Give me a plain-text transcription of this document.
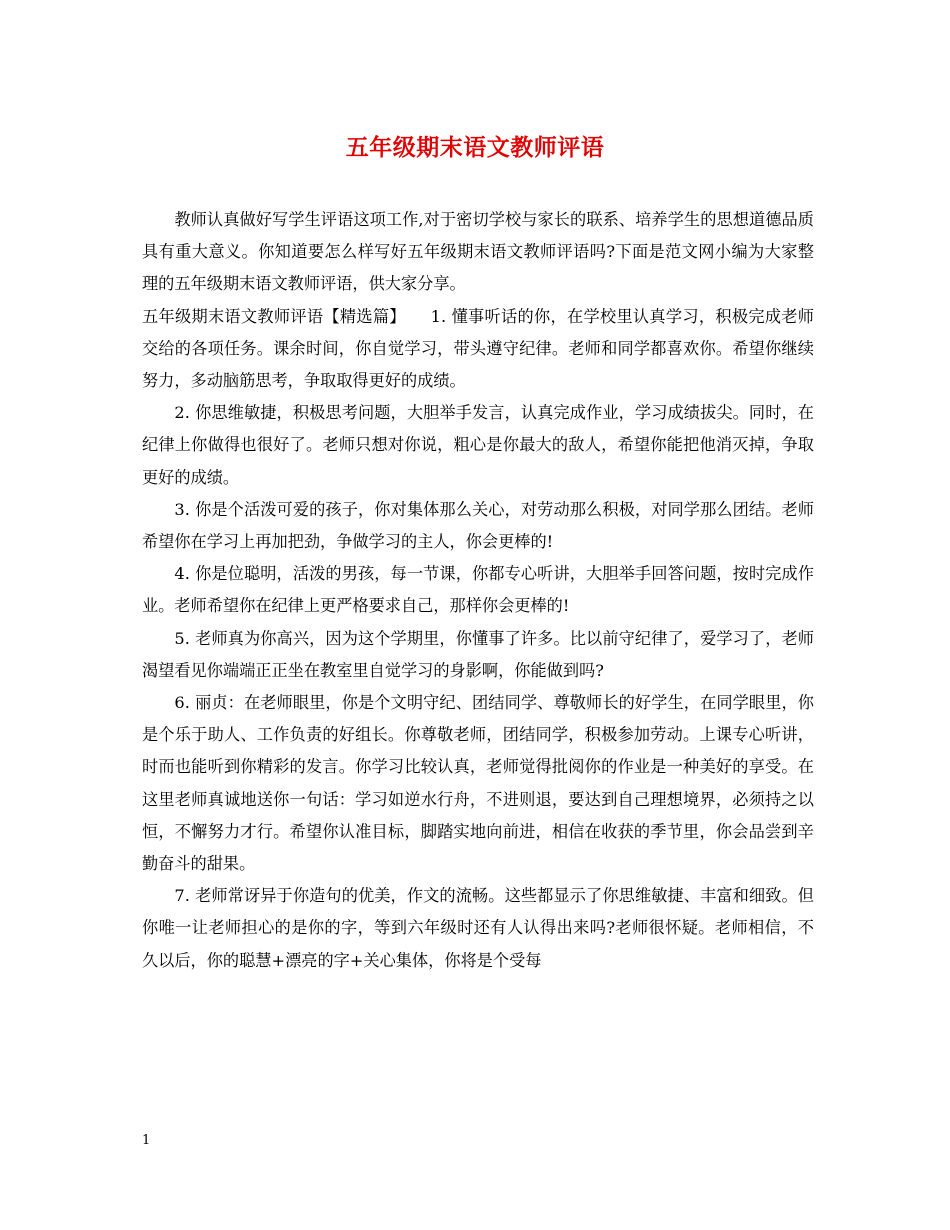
五年级期末语文教师评语

教师认真做好写学生评语这项工作,对于密切学校与家长的联系、培养学生的思想道德品质具有重大意义。你知道要怎么样写好五年级期末语文教师评语吗?下面是范文网小编为大家整理的五年级期末语文教师评语，供大家分享。

五年级期末语文教师评语【精选篇】　　1. 懂事听话的你，在学校里认真学习，积极完成老师交给的各项任务。课余时间，你自觉学习，带头遵守纪律。老师和同学都喜欢你。希望你继续努力，多动脑筋思考，争取取得更好的成绩。

2. 你思维敏捷，积极思考问题，大胆举手发言，认真完成作业，学习成绩拔尖。同时，在纪律上你做得也很好了。老师只想对你说，粗心是你最大的敌人，希望你能把他消灭掉，争取更好的成绩。

3. 你是个活泼可爱的孩子，你对集体那么关心，对劳动那么积极，对同学那么团结。老师希望你在学习上再加把劲，争做学习的主人，你会更棒的!

4. 你是位聪明，活泼的男孩，每一节课，你都专心听讲，大胆举手回答问题，按时完成作业。老师希望你在纪律上更严格要求自己，那样你会更棒的!

5. 老师真为你高兴，因为这个学期里，你懂事了许多。比以前守纪律了，爱学习了，老师渴望看见你端端正正坐在教室里自觉学习的身影啊，你能做到吗?

6. 丽贞：在老师眼里，你是个文明守纪、团结同学、尊敬师长的好学生，在同学眼里，你是个乐于助人、工作负责的好组长。你尊敬老师，团结同学，积极参加劳动。上课专心听讲，时而也能听到你精彩的发言。你学习比较认真，老师觉得批阅你的作业是一种美好的享受。在这里老师真诚地送你一句话：学习如逆水行舟，不进则退，要达到自己理想境界，必须持之以恒，不懈努力才行。希望你认准目标，脚踏实地向前进，相信在收获的季节里，你会品尝到辛勤奋斗的甜果。

7. 老师常讶异于你造句的优美，作文的流畅。这些都显示了你思维敏捷、丰富和细致。但你唯一让老师担心的是你的字，等到六年级时还有人认得出来吗?老师很怀疑。老师相信，不久以后，你的聪慧+漂亮的字+关心集体，你将是个受每

1
